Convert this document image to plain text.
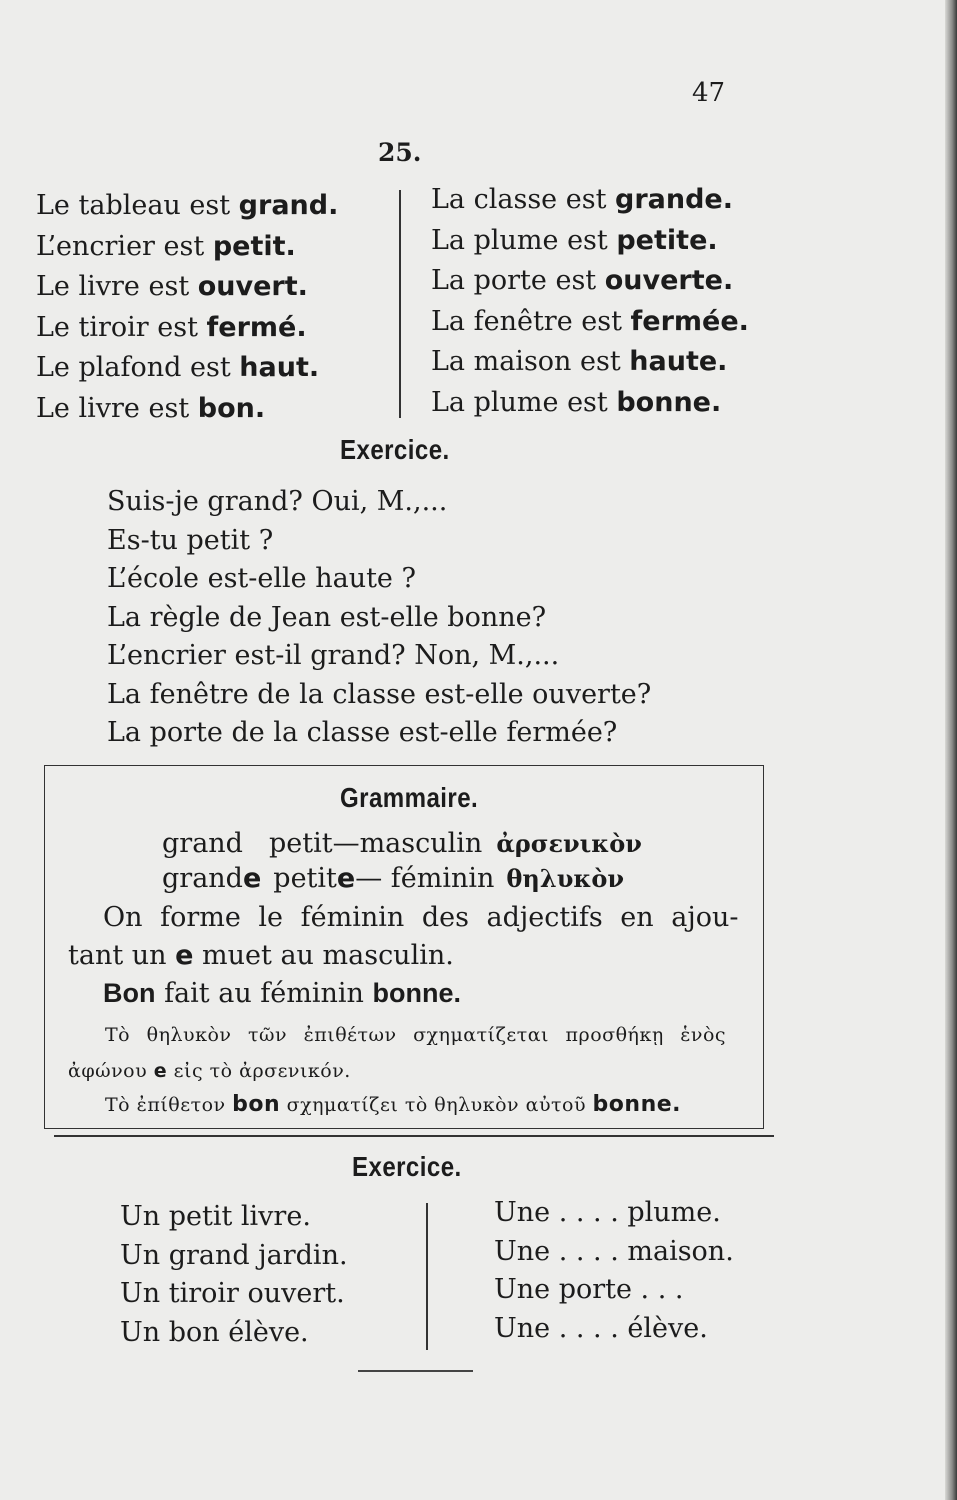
47
25.
Le tableau est grand.
L’encrier est petit.
Le livre est ouvert.
Le tiroir est fermé.
Le plafond est haut.
Le livre est bon.
La classe est grande.
La plume est petite.
La porte est ouverte.
La fenêtre est fermée.
La maison est haute.
La plume est bonne.
Exercice.
Suis-je grand? Oui, M.,...
Es-tu petit ?
L’école est-elle haute ?
La règle de Jean est-elle bonne?
L’encrier est-il grand? Non, M.,...
La fenêtre de la classe est-elle ouverte?
La porte de la classe est-elle fermée?
Grammaire.
grand petit—masculin ἀρσενικὸν
grande petite— féminin θηλυκὸν
On forme le féminin des adjectifs en ajou-
tant un e muet au masculin.
Bon fait au féminin bonne.
Τὸ θηλυκὸν τῶν ἐπιθέτων σχηματίζεται προσθήκῃ ἑνὸς
ἀφώνου e εἰς τὸ ἀρσενικόν.
Τὸ ἐπίθετον bon σχηματίζει τὸ θηλυκὸν αὐτοῦ bonne.
Exercice.
Un petit livre.
Un grand jardin.
Un tiroir ouvert.
Un bon élève.
Une . . . . plume.
Une . . . . maison.
Une porte . . .
Une . . . . élève.
